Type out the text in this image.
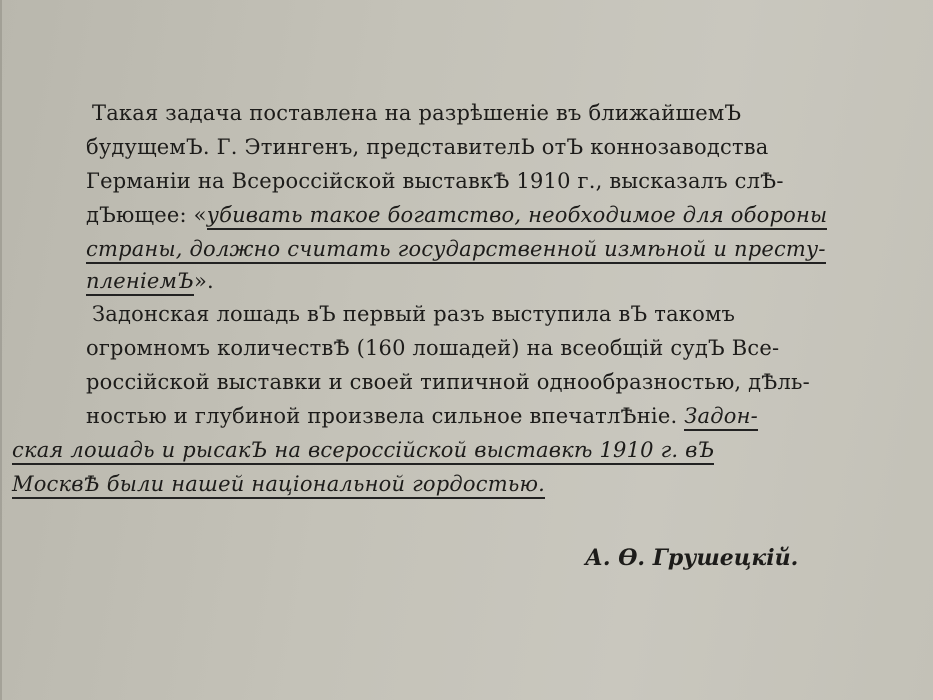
Такая задача поставлена на разрѣшеніе въ ближайшемЪ
будущемЪ. Г. Этингенъ, представителЬ отЪ коннозаводства
Германіи на Всероссійской выставкѢ 1910 г., высказалъ слѢ-
дЪющее: «убивать такое богатство, необходимое для обороны
страны, должно считать государственной измѣной и престу-
пленіемЪ».
Задонская лошадь вЪ первый разъ выступила вЪ такомъ
огромномъ количествѢ (160 лошадей) на всеобщій судЪ Все-
россійской выставки и своей типичной однообразностью, дѢль-
ностью и глубиной произвела сильное впечатлѢніе. Задон-
ская лошадь и рысакЪ на всероссійской выставкѣ 1910 г. вЪ
МосквѢ были нашей національной гордостью.
А. Ѳ. Грушецкій.
